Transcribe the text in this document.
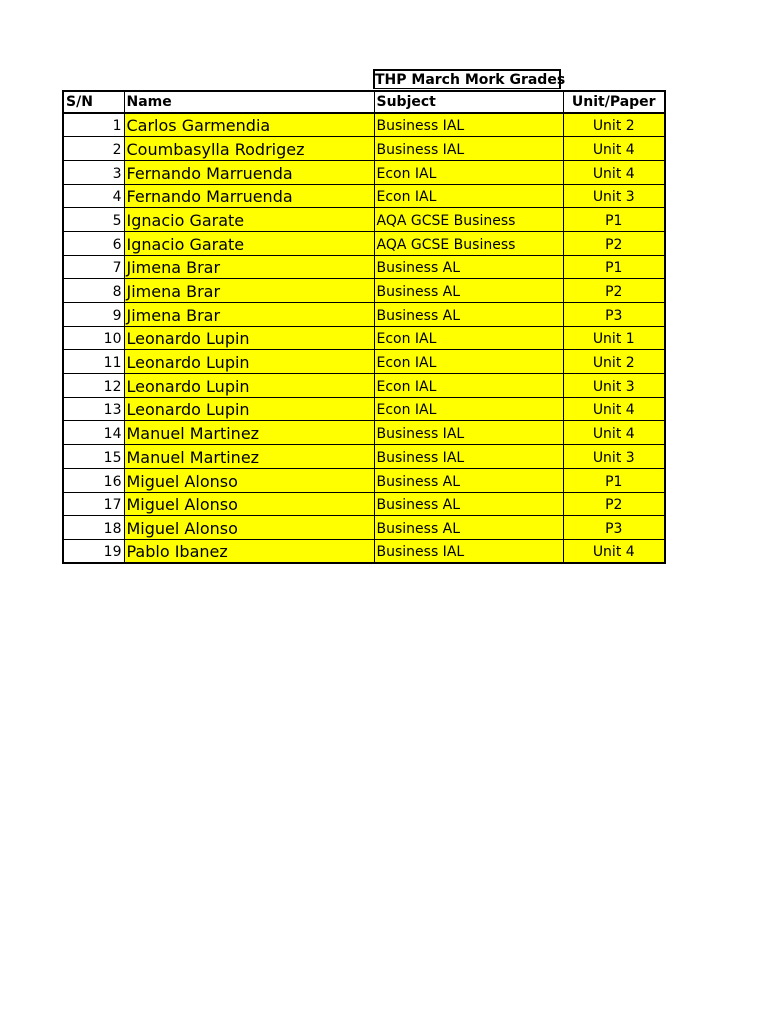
THP March Mork Grades
S/N	Name	Subject	Unit/Paper
1	Carlos Garmendia	Business IAL	Unit 2
2	Coumbasylla Rodrigez	Business IAL	Unit 4
3	Fernando Marruenda	Econ IAL	Unit 4
4	Fernando Marruenda	Econ IAL	Unit 3
5	Ignacio Garate	AQA GCSE Business	P1
6	Ignacio Garate	AQA GCSE Business	P2
7	Jimena Brar	Business AL	P1
8	Jimena Brar	Business AL	P2
9	Jimena Brar	Business AL	P3
10	Leonardo Lupin	Econ IAL	Unit 1
11	Leonardo Lupin	Econ IAL	Unit 2
12	Leonardo Lupin	Econ IAL	Unit 3
13	Leonardo Lupin	Econ IAL	Unit 4
14	Manuel Martinez	Business IAL	Unit 4
15	Manuel Martinez	Business IAL	Unit 3
16	Miguel Alonso	Business AL	P1
17	Miguel Alonso	Business AL	P2
18	Miguel Alonso	Business AL	P3
19	Pablo Ibanez	Business IAL	Unit 4
